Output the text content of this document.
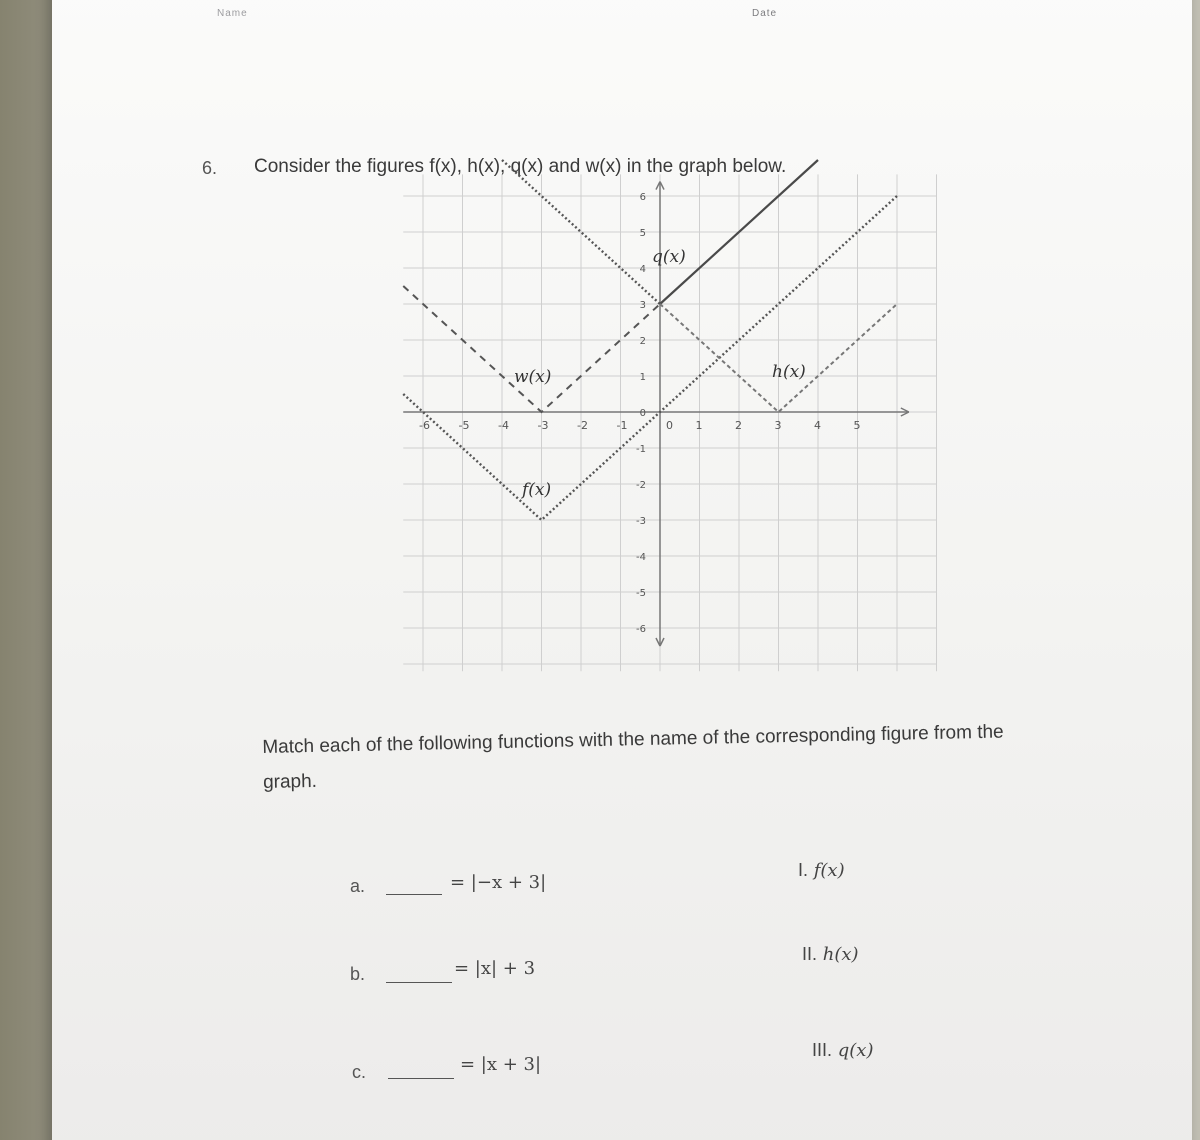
Name	Date
6. Consider the figures f(x), h(x), q(x) and w(x) in the graph below.
-6	-5	-4	-3	-2	-1	0 1	2	3	4	5
6
5
4
3
2
1
0
-1
-2
-3
-4
-5
-6
q(x)
w(x)	h(x)
f(x)
Match each of the following functions with the name of the corresponding figure from the graph.
a.	= |−x + 3|
b.	= |x| + 3
c.	= |x + 3|
I. f(x)
II. h(x)
III. q(x)
